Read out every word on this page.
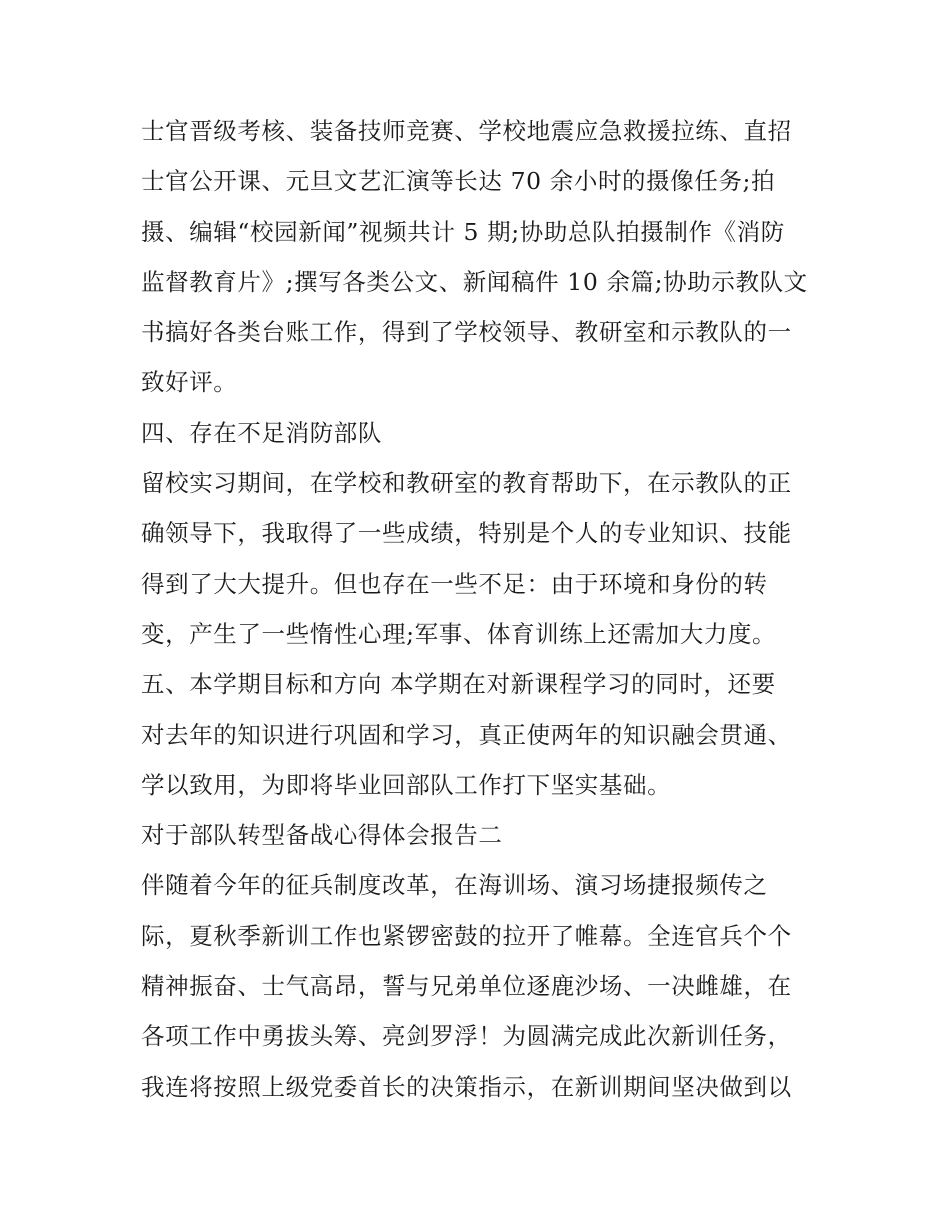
士官晋级考核、装备技师竞赛、学校地震应急救援拉练、直招
士官公开课、元旦文艺汇演等长达 70 余小时的摄像任务;拍
摄、编辑“校园新闻”视频共计 5 期;协助总队拍摄制作《消防
监督教育片》;撰写各类公文、新闻稿件 10 余篇;协助示教队文
书搞好各类台账工作，得到了学校领导、教研室和示教队的一
致好评。
四、存在不足消防部队
留校实习期间，在学校和教研室的教育帮助下，在示教队的正
确领导下，我取得了一些成绩，特别是个人的专业知识、技能
得到了大大提升。但也存在一些不足：由于环境和身份的转
变，产生了一些惰性心理;军事、体育训练上还需加大力度。
五、本学期目标和方向 本学期在对新课程学习的同时，还要
对去年的知识进行巩固和学习，真正使两年的知识融会贯通、
学以致用，为即将毕业回部队工作打下坚实基础。
对于部队转型备战心得体会报告二
伴随着今年的征兵制度改革，在海训场、演习场捷报频传之
际，夏秋季新训工作也紧锣密鼓的拉开了帷幕。全连官兵个个
精神振奋、士气高昂，誓与兄弟单位逐鹿沙场、一决雌雄，在
各项工作中勇拔头筹、亮剑罗浮！为圆满完成此次新训任务，
我连将按照上级党委首长的决策指示，在新训期间坚决做到以
